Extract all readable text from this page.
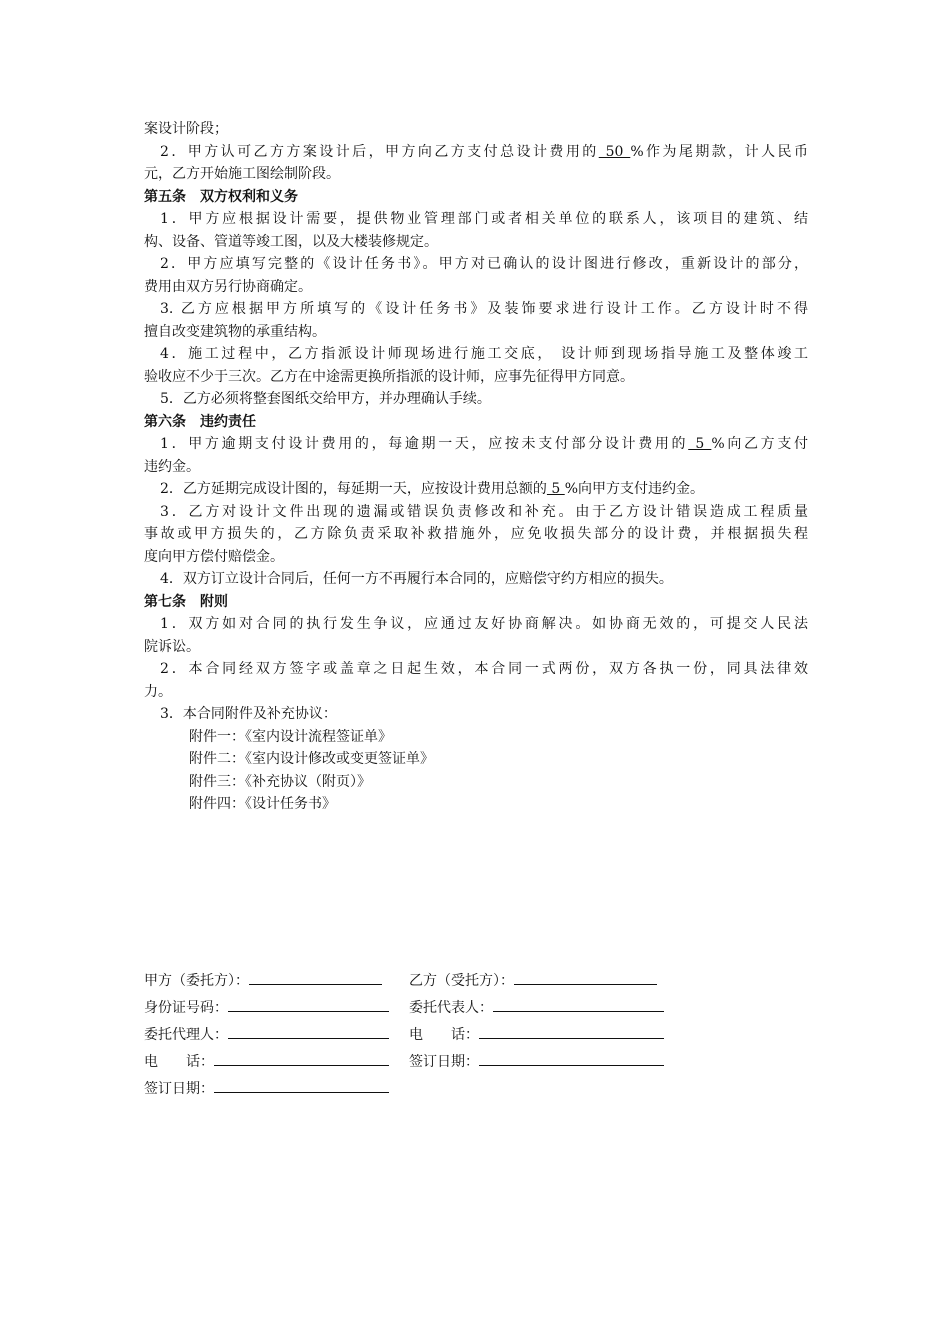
案设计阶段；
2．甲方认可乙方方案设计后，甲方向乙方支付总设计费用的 50 %作为尾期款，计人民币
元，乙方开始施工图绘制阶段。
第五条　双方权利和义务
1．甲方应根据设计需要，提供物业管理部门或者相关单位的联系人，该项目的建筑、结
构、设备、管道等竣工图，以及大楼装修规定。
2．甲方应填写完整的《设计任务书》。甲方对已确认的设计图进行修改，重新设计的部分，
费用由双方另行协商确定。
3. 乙方应根据甲方所填写的《设计任务书》及装饰要求进行设计工作。乙方设计时不得
擅自改变建筑物的承重结构。
4．施工过程中，乙方指派设计师现场进行施工交底， 设计师到现场指导施工及整体竣工
验收应不少于三次。乙方在中途需更换所指派的设计师，应事先征得甲方同意。
5．乙方必须将整套图纸交给甲方，并办理确认手续。
第六条　违约责任
1．甲方逾期支付设计费用的，每逾期一天，应按未支付部分设计费用的 5 %向乙方支付
违约金。
2．乙方延期完成设计图的，每延期一天，应按设计费用总额的 5 %向甲方支付违约金。
3．乙方对设计文件出现的遗漏或错误负责修改和补充。由于乙方设计错误造成工程质量
事故或甲方损失的，乙方除负责采取补救措施外，应免收损失部分的设计费，并根据损失程
度向甲方偿付赔偿金。
4．双方订立设计合同后，任何一方不再履行本合同的，应赔偿守约方相应的损失。
第七条　附则
1．双方如对合同的执行发生争议，应通过友好协商解决。如协商无效的，可提交人民法
院诉讼。
2．本合同经双方签字或盖章之日起生效，本合同一式两份，双方各执一份，同具法律效
力。
3．本合同附件及补充协议：
附件一：《室内设计流程签证单》
附件二：《室内设计修改或变更签证单》
附件三：《补充协议（附页）》
附件四：《设计任务书》
甲方（委托方）：	乙方（受托方）：
身份证号码：	委托代表人：
委托代理人：	电　　话：
电　　话：	签订日期：
签订日期：
